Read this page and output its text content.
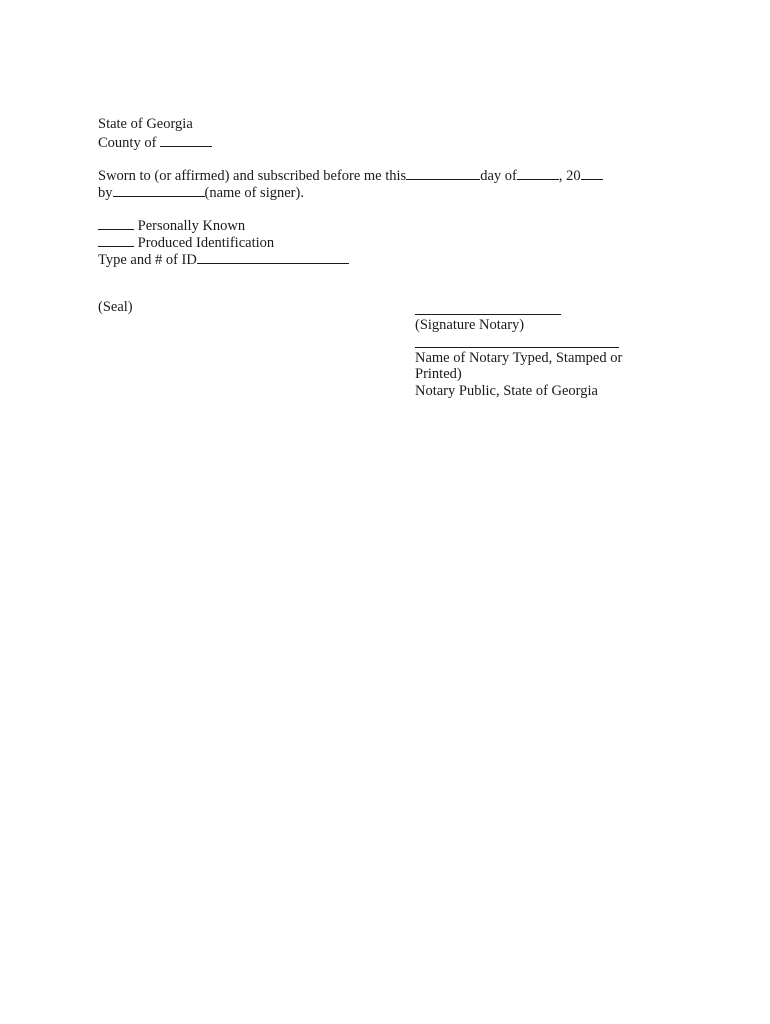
State of Georgia
County of
Sworn to (or affirmed) and subscribed before me this	day of	, 20
by	(name of signer).
Personally Known
Produced Identification
Type and # of ID
(Seal)
(Signature Notary)
Name of Notary Typed, Stamped or
Printed)
Notary Public, State of Georgia
